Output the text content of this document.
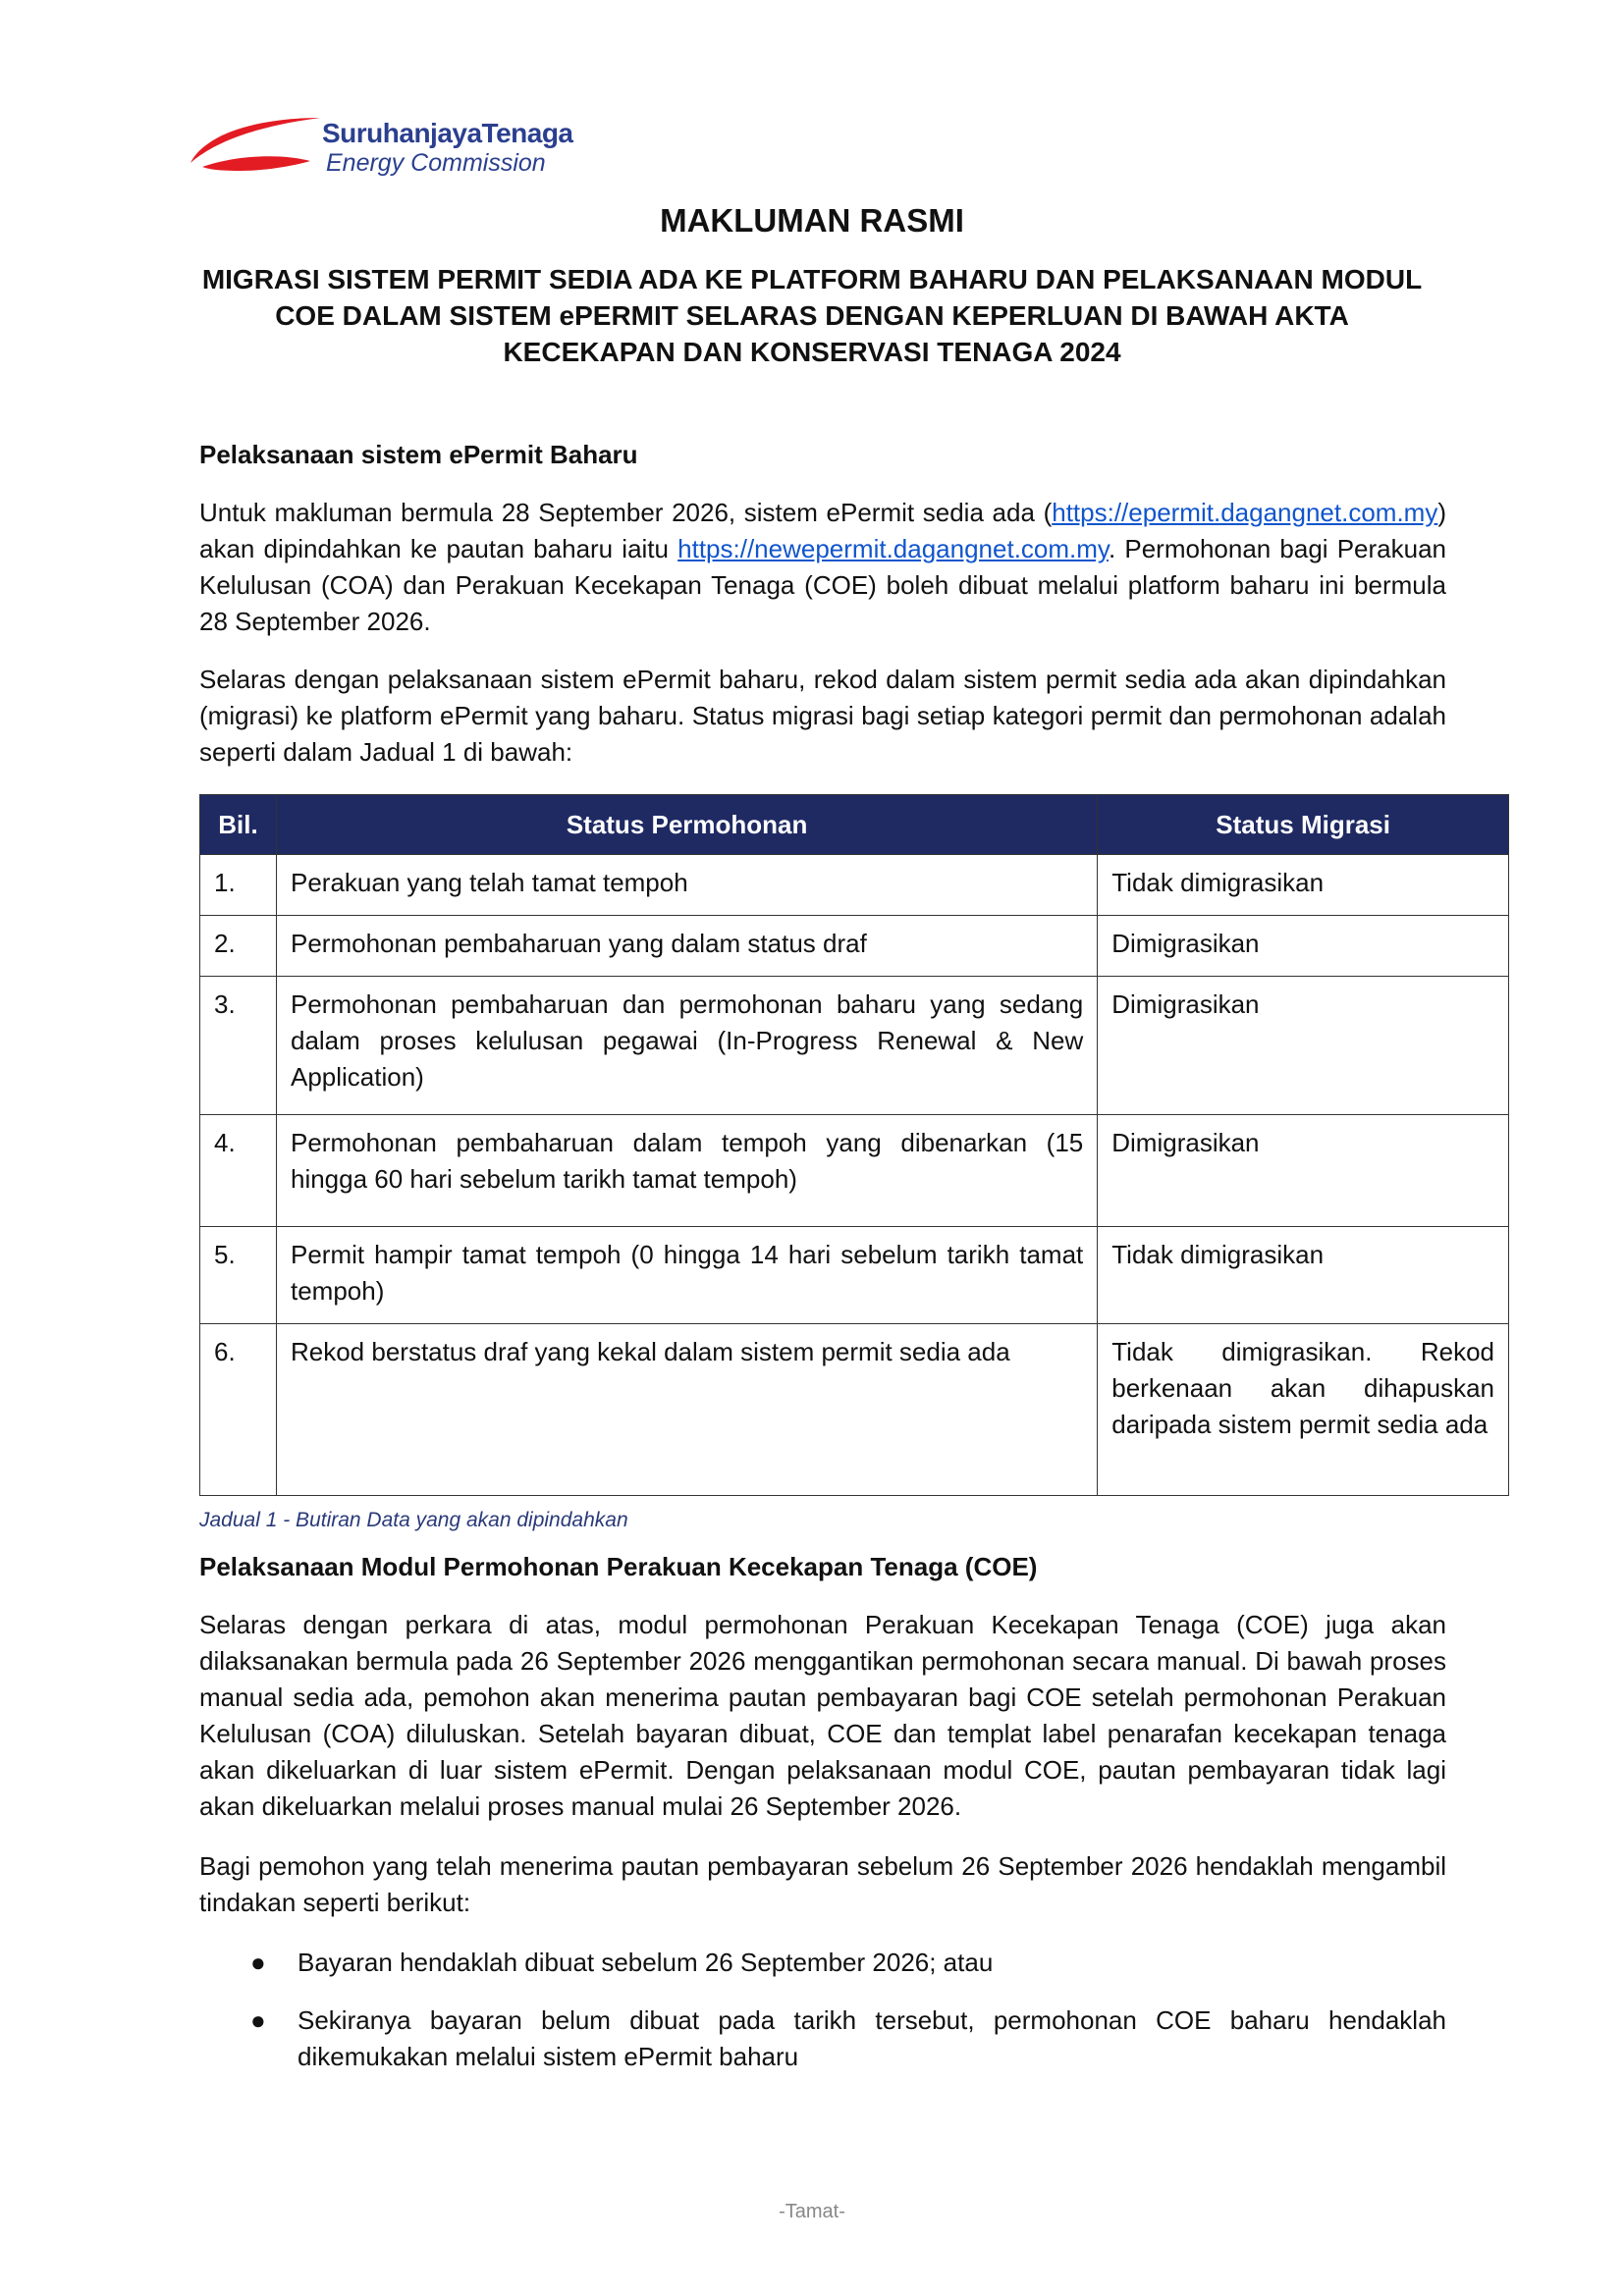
SuruhanjayaTenaga
Energy Commission
MAKLUMAN RASMI
MIGRASI SISTEM PERMIT SEDIA ADA KE PLATFORM BAHARU DAN PELAKSANAAN MODUL COE DALAM SISTEM ePERMIT SELARAS DENGAN KEPERLUAN DI BAWAH AKTA KECEKAPAN DAN KONSERVASI TENAGA 2024
Pelaksanaan sistem ePermit Baharu
Untuk makluman bermula 28 September 2026, sistem ePermit sedia ada (https://epermit.dagangnet.com.my) akan dipindahkan ke pautan baharu iaitu https://newepermit.dagangnet.com.my. Permohonan bagi Perakuan Kelulusan (COA) dan Perakuan Kecekapan Tenaga (COE) boleh dibuat melalui platform baharu ini bermula 28 September 2026.
Selaras dengan pelaksanaan sistem ePermit baharu, rekod dalam sistem permit sedia ada akan dipindahkan (migrasi) ke platform ePermit yang baharu. Status migrasi bagi setiap kategori permit dan permohonan adalah seperti dalam Jadual 1 di bawah:
Bil.	Status Permohonan	Status Migrasi
1.	Perakuan yang telah tamat tempoh	Tidak dimigrasikan
2.	Permohonan pembaharuan yang dalam status draf	Dimigrasikan
3.	Permohonan pembaharuan dan permohonan baharu yang sedang dalam proses kelulusan pegawai (In-Progress Renewal & New Application)	Dimigrasikan
4.	Permohonan pembaharuan dalam tempoh yang dibenarkan (15 hingga 60 hari sebelum tarikh tamat tempoh)	Dimigrasikan
5.	Permit hampir tamat tempoh (0 hingga 14 hari sebelum tarikh tamat tempoh)	Tidak dimigrasikan
6.	Rekod berstatus draf yang kekal dalam sistem permit sedia ada	Tidak dimigrasikan. Rekod berkenaan akan dihapuskan daripada sistem permit sedia ada
Jadual 1 - Butiran Data yang akan dipindahkan
Pelaksanaan Modul Permohonan Perakuan Kecekapan Tenaga (COE)
Selaras dengan perkara di atas, modul permohonan Perakuan Kecekapan Tenaga (COE) juga akan dilaksanakan bermula pada 26 September 2026 menggantikan permohonan secara manual. Di bawah proses manual sedia ada, pemohon akan menerima pautan pembayaran bagi COE setelah permohonan Perakuan Kelulusan (COA) diluluskan. Setelah bayaran dibuat, COE dan templat label penarafan kecekapan tenaga akan dikeluarkan di luar sistem ePermit. Dengan pelaksanaan modul COE, pautan pembayaran tidak lagi akan dikeluarkan melalui proses manual mulai 26 September 2026.
Bagi pemohon yang telah menerima pautan pembayaran sebelum 26 September 2026 hendaklah mengambil tindakan seperti berikut:
● Bayaran hendaklah dibuat sebelum 26 September 2026; atau
● Sekiranya bayaran belum dibuat pada tarikh tersebut, permohonan COE baharu hendaklah dikemukakan melalui sistem ePermit baharu
-Tamat-
